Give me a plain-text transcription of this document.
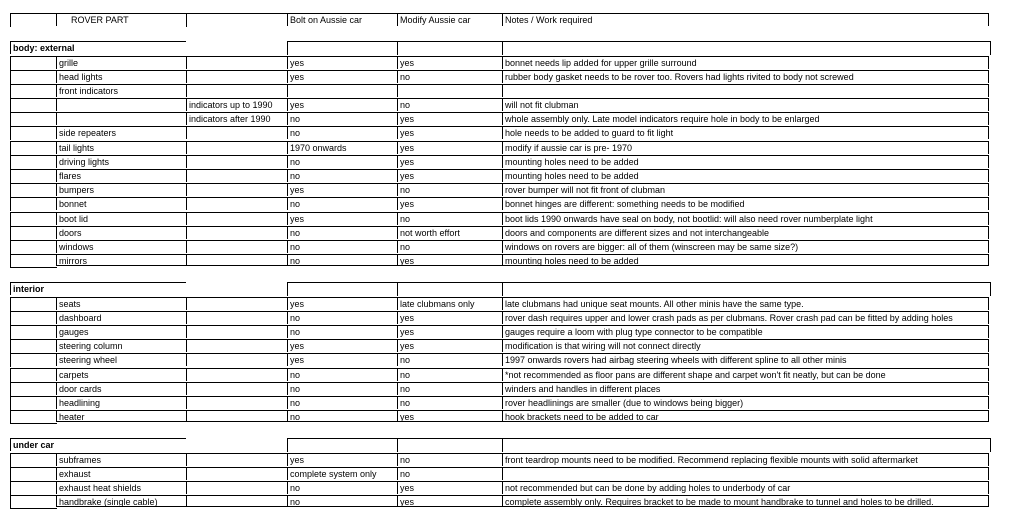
ROVER PART	Bolt on Aussie car	Modify Aussie car	Notes / Work required
body: external
grille	yes	yes	bonnet needs lip added for upper grille surround
head lights	yes	no	rubber body gasket needs to be rover too. Rovers had lights rivited to body not screwed
front indicators
indicators up to 1990	yes	no	will not fit clubman
indicators after 1990	no	yes	whole assembly only. Late model indicators require hole in body to be enlarged
side repeaters	no	yes	hole needs to be added to guard to fit light
tail lights	1970 onwards	yes	modify if aussie car is pre- 1970
driving lights	no	yes	mounting holes need to be added
flares	no	yes	mounting holes need to be added
bumpers	yes	no	rover bumper will not fit front of clubman
bonnet	no	yes	bonnet hinges are different: something needs to be modified
boot lid	yes	no	boot lids 1990 onwards have seal on body, not bootlid: will also need rover numberplate light
doors	no	not worth effort	doors and components are different sizes and not interchangeable
windows	no	no	windows on rovers are bigger: all of them (winscreen may be same size?)
mirrors	no	yes	mounting holes need to be added
interior
seats	yes	late clubmans only	late clubmans had unique seat mounts. All other minis have the same type.
dashboard	no	yes	rover dash requires upper and lower crash pads as per clubmans. Rover crash pad can be fitted by adding holes
gauges	no	yes	gauges require a loom with plug type connector to be compatible
steering column	yes	yes	modification is that wiring will not connect directly
steering wheel	yes	no	1997 onwards rovers had airbag steering wheels with different spline to all other minis
carpets	no	no	*not recommended as floor pans are different shape and carpet won't fit neatly, but can be done
door cards	no	no	winders and handles in different places
headlining	no	no	rover headlinings are smaller (due to windows being bigger)
heater	no	yes	hook brackets need to be added to car
under car
subframes	yes	no	front teardrop mounts need to be modified. Recommend replacing flexible mounts with solid aftermarket
exhaust	complete system only	no
exhaust heat shields	no	yes	not recommended but can be done by adding holes to underbody of car
handbrake (single cable)	no	yes	complete assembly only. Requires bracket to be made to mount handbrake to tunnel and holes to be drilled.
